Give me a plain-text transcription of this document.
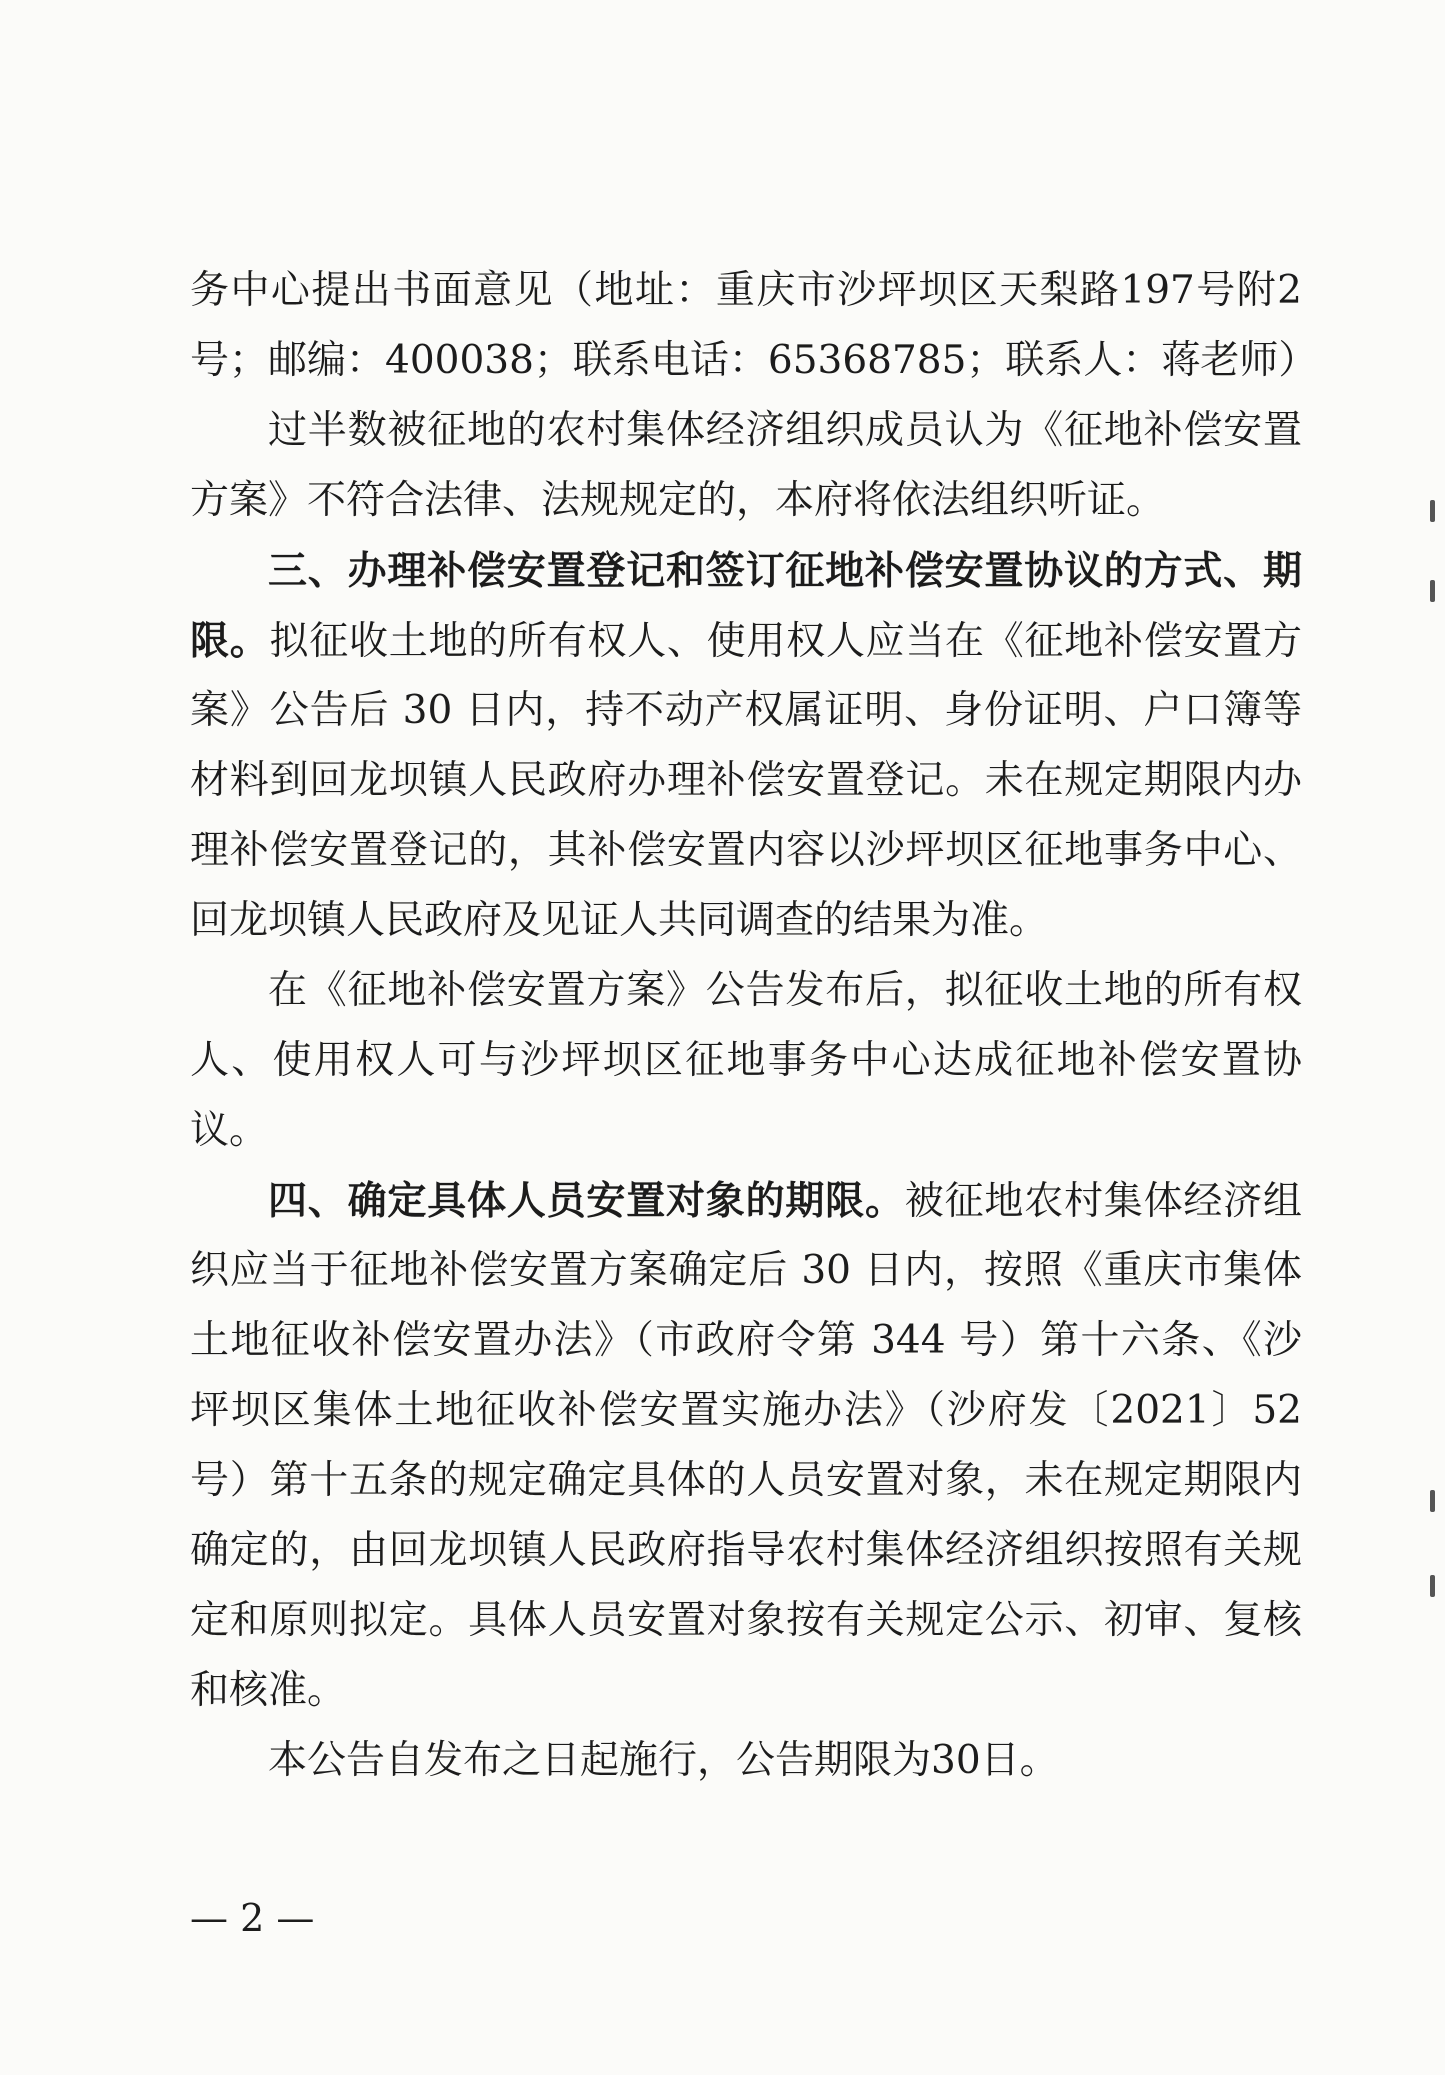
务中心提出书面意见（地址：重庆市沙坪坝区天梨路197号附2
号；邮编：400038；联系电话：65368785；联系人：蒋老师）
过半数被征地的农村集体经济组织成员认为《征地补偿安置
方案》不符合法律、法规规定的，本府将依法组织听证。
三、办理补偿安置登记和签订征地补偿安置协议的方式、期
限。拟征收土地的所有权人、使用权人应当在《征地补偿安置方
案》公告后 30 日内，持不动产权属证明、身份证明、户口簿等
材料到回龙坝镇人民政府办理补偿安置登记。未在规定期限内办
理补偿安置登记的，其补偿安置内容以沙坪坝区征地事务中心、
回龙坝镇人民政府及见证人共同调查的结果为准。
在《征地补偿安置方案》公告发布后，拟征收土地的所有权
人、使用权人可与沙坪坝区征地事务中心达成征地补偿安置协
议。
四、确定具体人员安置对象的期限。被征地农村集体经济组
织应当于征地补偿安置方案确定后 30 日内，按照《重庆市集体
土地征收补偿安置办法》（市政府令第 344 号）第十六条、《沙
坪坝区集体土地征收补偿安置实施办法》（沙府发〔2021〕52
号）第十五条的规定确定具体的人员安置对象，未在规定期限内
确定的，由回龙坝镇人民政府指导农村集体经济组织按照有关规
定和原则拟定。具体人员安置对象按有关规定公示、初审、复核
和核准。
本公告自发布之日起施行，公告期限为30日。
— 2 —
